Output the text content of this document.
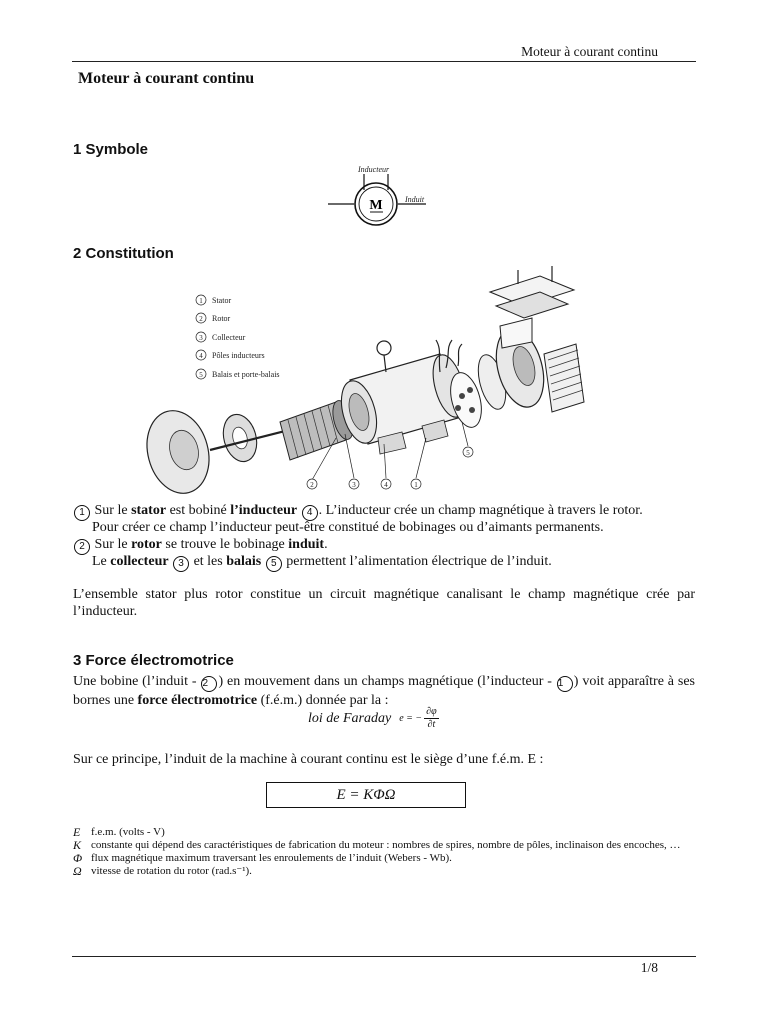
Moteur à courant continu
Moteur à courant continu
1 Symbole
Inducteur
M	Induit
2 Constitution
1 Stator
2 Rotor
3 Collecteur
4 Pôles inducteurs
5 Balais et porte-balais
2	3	4	1
5
1 Sur le stator est bobiné l’inducteur 4 . L’inducteur crée un champ magnétique à travers le rotor.
Pour créer ce champ l’inducteur peut-être constitué de bobinages ou d’aimants permanents.
2 Sur le rotor se trouve le bobinage induit.
Le collecteur 3 et les balais 5 permettent l’alimentation électrique de l’induit.
L’ensemble stator plus rotor constitue un circuit magnétique canalisant le champ magnétique crée par l’inducteur.
3 Force électromotrice
Une bobine (l’induit - 2 ) en mouvement dans un champs magnétique (l’inducteur - 1 ) voit apparaître à ses bornes une force électromotrice (f.é.m.) donnée par la :
loi de Faraday e = − $\frac{\partial\varphi}{\partial t}$
Sur ce principe, l’induit de la machine à courant continu est le siège d’une f.é.m. E :
E = KΦΩ
E f.e.m. (volts - V)
K constante qui dépend des caractéristiques de fabrication du moteur : nombres de spires, nombre de pôles, inclinaison des encoches, …
Φ flux magnétique maximum traversant les enroulements de l’induit (Webers - Wb).
Ω vitesse de rotation du rotor (rad.s⁻¹).
1/8
